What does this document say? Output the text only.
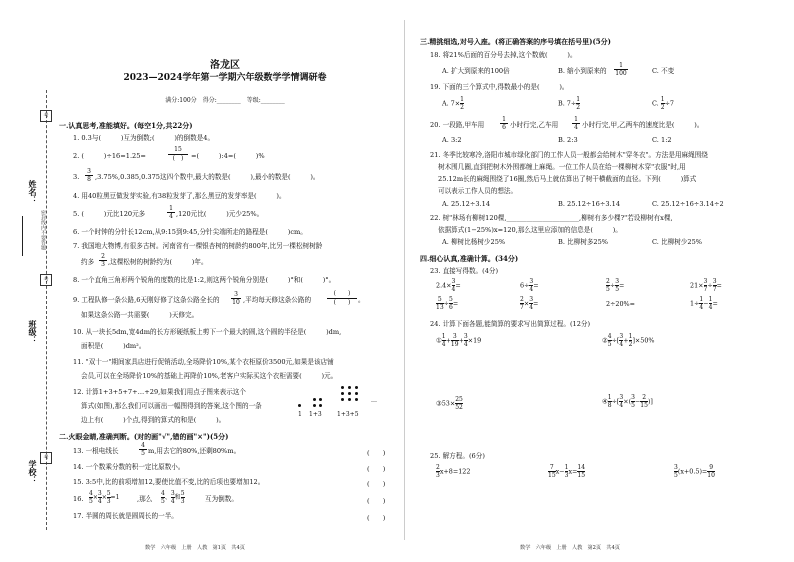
姓名：
班级：
学校：
密封线内不要答题
考
考
考
洛龙区
2023—2024学年第一学期六年级数学学情调研卷
满分:100分　得分:________　等级:________
一.认真思考,准能填好。(每空1分,共22分)
1. 0.3与(　　　)互为倒数;(　　　)的倒数是4。
2. (　　　)÷16=1.25=
15
(　)	=(　　　):4=(　　　)%
3.
3
8 ,3.75%,0.385,0.375这四个数中,最大的数是(　　　),最小的数是(　　　)。
4. 用40粒黑豆做发芽实验,有38粒发芽了,那么黑豆的发芽率是(　　　)。
5. (　　　)元比120元多
1
4 ,120元比(　　　)元少25%。
6. 一个时钟的分针长12cm,从9:15到9:45,分针尖端所走的路程是(　　　)cm。
7. 我国地大物博,有很多古树。河南省有一棵银杏树的树龄约800年,比另一棵松树树龄
约多
2
3 ,这棵松树的树龄约为(　　　)年。
8. 一个直角三角形两个锐角的度数的比是1:2,则这两个锐角分别是(　　　)°和(　　　)°。
9. 工程队修一条公路,6天刚好修了这条公路全长的
3
10 ,平均每天修这条公路的
(　　)
(　　)	。
如果这条公路一共需要(　　　)天修完。
10. 从一块长5dm,宽4dm的长方形硬纸板上剪下一个最大的圆,这个圆的半径是(　　　)dm,
面积是(　　　)dm²。
11. "双十一"期间家具店进行促销活动,全场降价10%,某个衣柜原价3500元,如果是该店铺
会员,可以在全场降价10%的基础上再降价10%,老客户实际买这个衣柜需要(　　　)元。
12. 计算1+3+5+7+…+29,如果我们用点子图来表示这个
算式(如图),那么我们可以画出一幅图得到的答案,这个图的一条
边上有(　　　)个点,得到的算式的和是(　　　)。
1 1+3	1+3+5
…
二.火眼金睛,准确判断。(对的画"√",错的画"×")(5分)
13. 一根电线长
4
5 m,用去它的80%,还剩80%m。	(　　)
14. 一个数乘分数的积一定比原数小。	(　　)
15. 3:5中,比的前项增加12,要使比值不变,比的后项也要增加12。	(　　)
16. $\frac{4}{5} \times \frac{3}{4} \times \frac{5}{3} =1$	,那么 $\frac{4}{5}$ 、 $\frac{3}{4}$ 和 $\frac{5}{3}$	互为倒数。	(　　)
17. 半圆的周长就是圆周长的一半。	(　　)
数学　六年级　上册　人教　第1页　共4页
三.精挑细选,对号入座。(将正确答案的序号填在括号里)(5分)
18. 将21%后面的百分号去掉,这个数就(　　　)。
A. 扩大到原来的100倍	B. 缩小到原来的
1
100	C. 不变
19. 下面的三个算式中,得数最小的是(　　　)。
A. $7\times \frac{1}{2}$	B. $7\div \frac{1}{2}$	C. $\frac{1}{2} \div 7$
20. 一段路,甲车用
1
6 小时行完,乙车用
1
4 小时行完,甲,乙两车的速度比是(　　　)。
A. 3:2	B. 2:3	C. 1:2
21. 冬季比较寒冷,洛阳市城市绿化部门的工作人员一般都会给树木"穿冬衣"。方法是用麻绳围绕
树木围几圈,直到把树木外围都缠上麻绳。一位工作人员在给一棵柳树木穿"衣服"时,用
25.12m长的麻绳围绕了16圈,然后马上就估算出了树干横截面的直径。下列(　　　)算式
可以表示工作人员的想法。
A. 25.12÷3.14	B. 25.12÷16÷3.14	C. 25.12÷16÷3.14÷2
22. 树"林场有柳树120棵,______________________,柳树有多少棵?"若设柳树有x棵,
依据算式(1−25%)x=120,那么这里应添加的信息是(　　　)。
A. 柳树比杨树少25%	B. 比柳树多25%	C. 比柳树少25%
四.细心认真,准确计算。(34分)
23. 直接写得数。(4分)
$2.4\times \frac{3}{4}$ =	$6\div \frac{3}{4}$ =	$\frac{2}{5} \div \frac{3}{5}$ =	$21\times \frac{3}{7} \div \frac{3}{7}$ =
$\frac{5}{13} \div \frac{5}{6}$ =	$\frac{2}{7} \times \frac{3}{4}$ =	2÷20%=	$1\div \frac{1}{4} - \frac{1}{4}$ =
24. 计算下面各题,能简算的要求写出简算过程。(12分)
① $\frac{1}{4} + \frac{3}{19} + \frac{3}{4} \times 19$	② $\frac{4}{5}$ ÷[ $\frac{3}{4} + \frac{1}{2} ]\times 50\%$
③53× $\frac{25}{52}$	④ $\frac{1}{8}$ ÷[ $\frac{3}{4}$ ×( $\frac{3}{5} - \frac{2}{15}$ )]
25. 解方程。(6分)
$\frac{2}{3} x+8=122$	$\frac{7}{15} x- \frac{1}{3} x= \frac{14}{15}$	$\frac{3}{5} (x+0.5)= \frac{9}{10}$
数学　六年级　上册　人教　第2页　共4页
